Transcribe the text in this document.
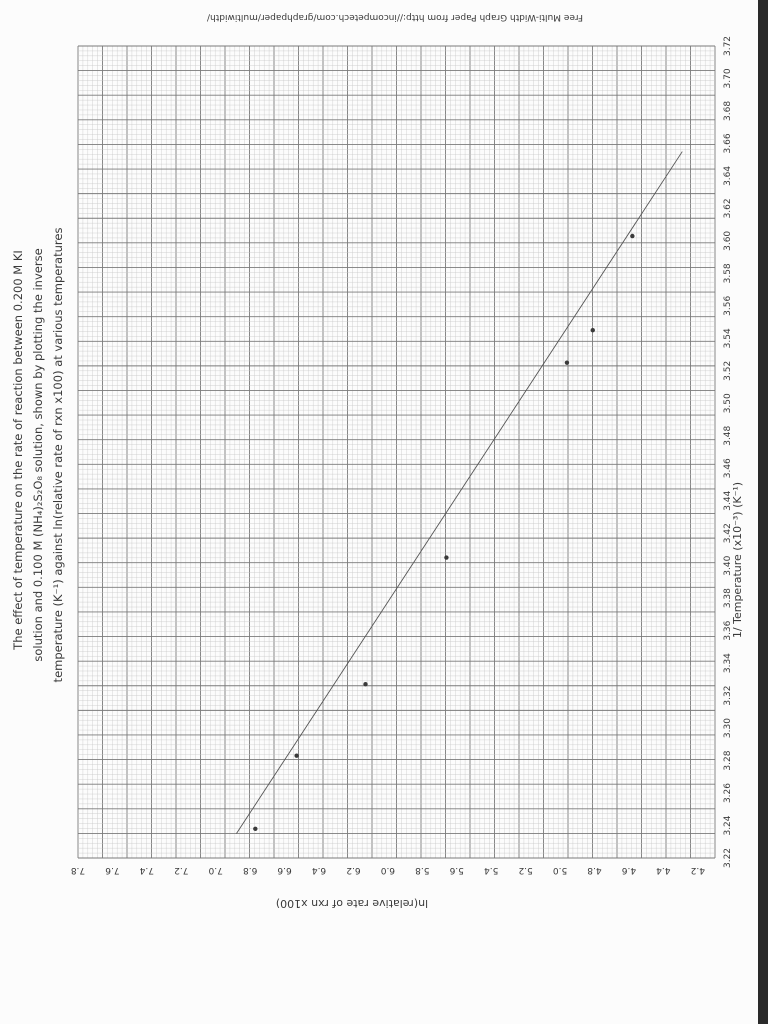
3.22
3.24
3.26
3.28
3.30
3.32
3.34
3.36
3.38
3.40
3.42
3.44
3.46
3.48
3.50
3.52
3.54
3.56
3.58
3.60
3.62
3.64
3.66
3.68
3.70
3.72
7.8 7.6 7.4 7.2 7.0 6.8 6.6 6.4 6.2 6.0 5.8 5.6 5.4 5.2 5.0 4.8 4.6 4.4 4.2
Free Multi-Width Graph Paper from http://incompetech.com/graphpaper/multiwidth/
The effect of temperature on the rate of reaction between 0.200 M KI solution and 0.100 M (NH₄)₂S₂O₈ solution, shown by plotting the inverse temperature (K⁻¹) against ln(relative rate of rxn x100) at various temperatures	1/ Temperature (x10⁻³) (K⁻¹)
ln(relative rate of rxn x100)
